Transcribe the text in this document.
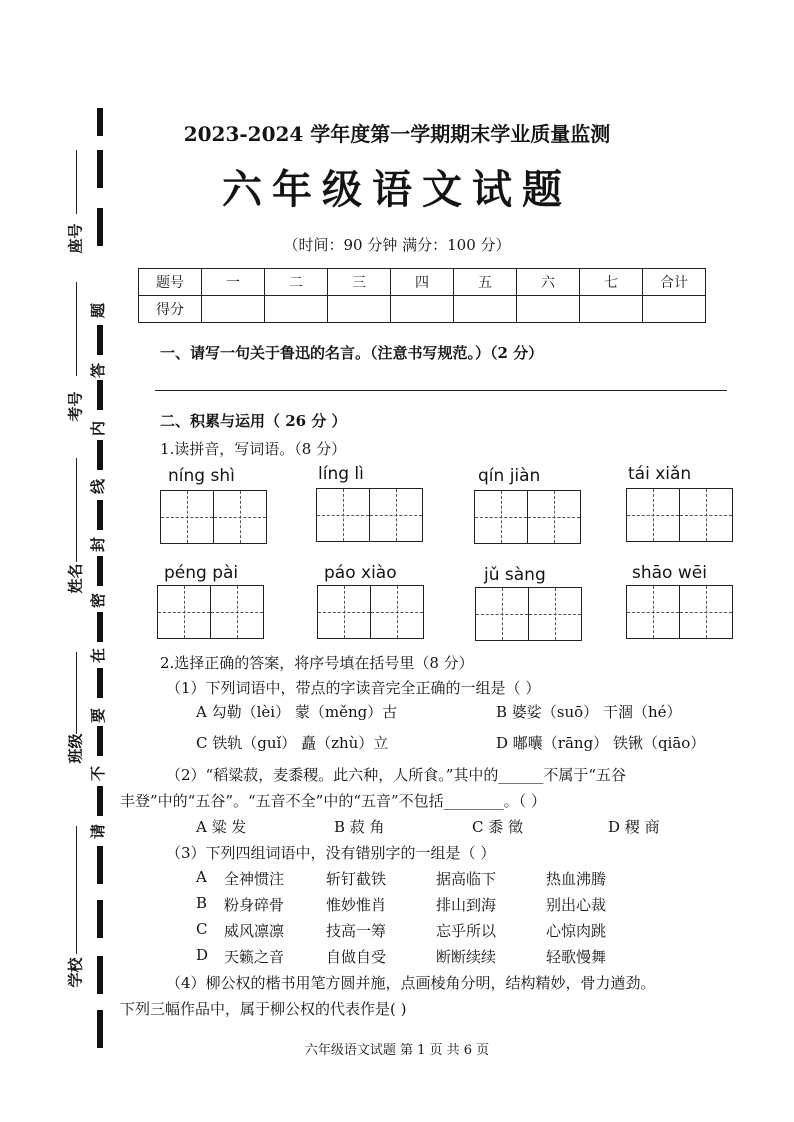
题
答
内
线
封
密
在
要
不
请
座号
考号
姓名
班级
学校
2023-2024 学年度第一学期期末学业质量监测
六年级语文试题
（时间：90 分钟 满分：100 分）
题号	一	二	三	四	五	六	七	合计
得分								
一、请写一句关于鲁迅的名言。（注意书写规范。）（2 分）
二、积累与运用（ 26 分 ）
1.读拼音，写词语。（8 分）
níng shì	líng lì	qín jiàn	tái xiǎn
péng pài	páo xiào	jǔ sàng	shāo wēi
2.选择正确的答案，将序号填在括号里（8 分）
（1）下列词语中，带点的字读音完全正确的一组是（ ）
A 勾勒（lèi） 蒙（měng）古	B 婆娑（suō） 干涸（hé）
C 铁轨（guǐ） 矗（zhù）立	D 嘟囔（rāng） 铁锹（qiāo）
（2）“稻粱菽，麦黍稷。此六种，人所食。”其中的______不属于“五谷
丰登”中的“五谷”。“五音不全”中的“五音”不包括________。（ ）
A 粱 发	B 菽 角	C 黍 徵	D 稷 商
（3）下列四组词语中，没有错别字的一组是（ ）
A 全神惯注	斩钉截铁	据高临下	热血沸腾
B 粉身碎骨	惟妙惟肖	排山到海	别出心裁
C 威风凛凛	技高一筹	忘乎所以	心惊肉跳
D 天籁之音	自做自受	断断续续	轻歌慢舞
（4）柳公权的楷书用笔方圆并施，点画棱角分明，结构精妙，骨力遒劲。
下列三幅作品中，属于柳公权的代表作是( )
六年级语文试题 第 1 页 共 6 页
